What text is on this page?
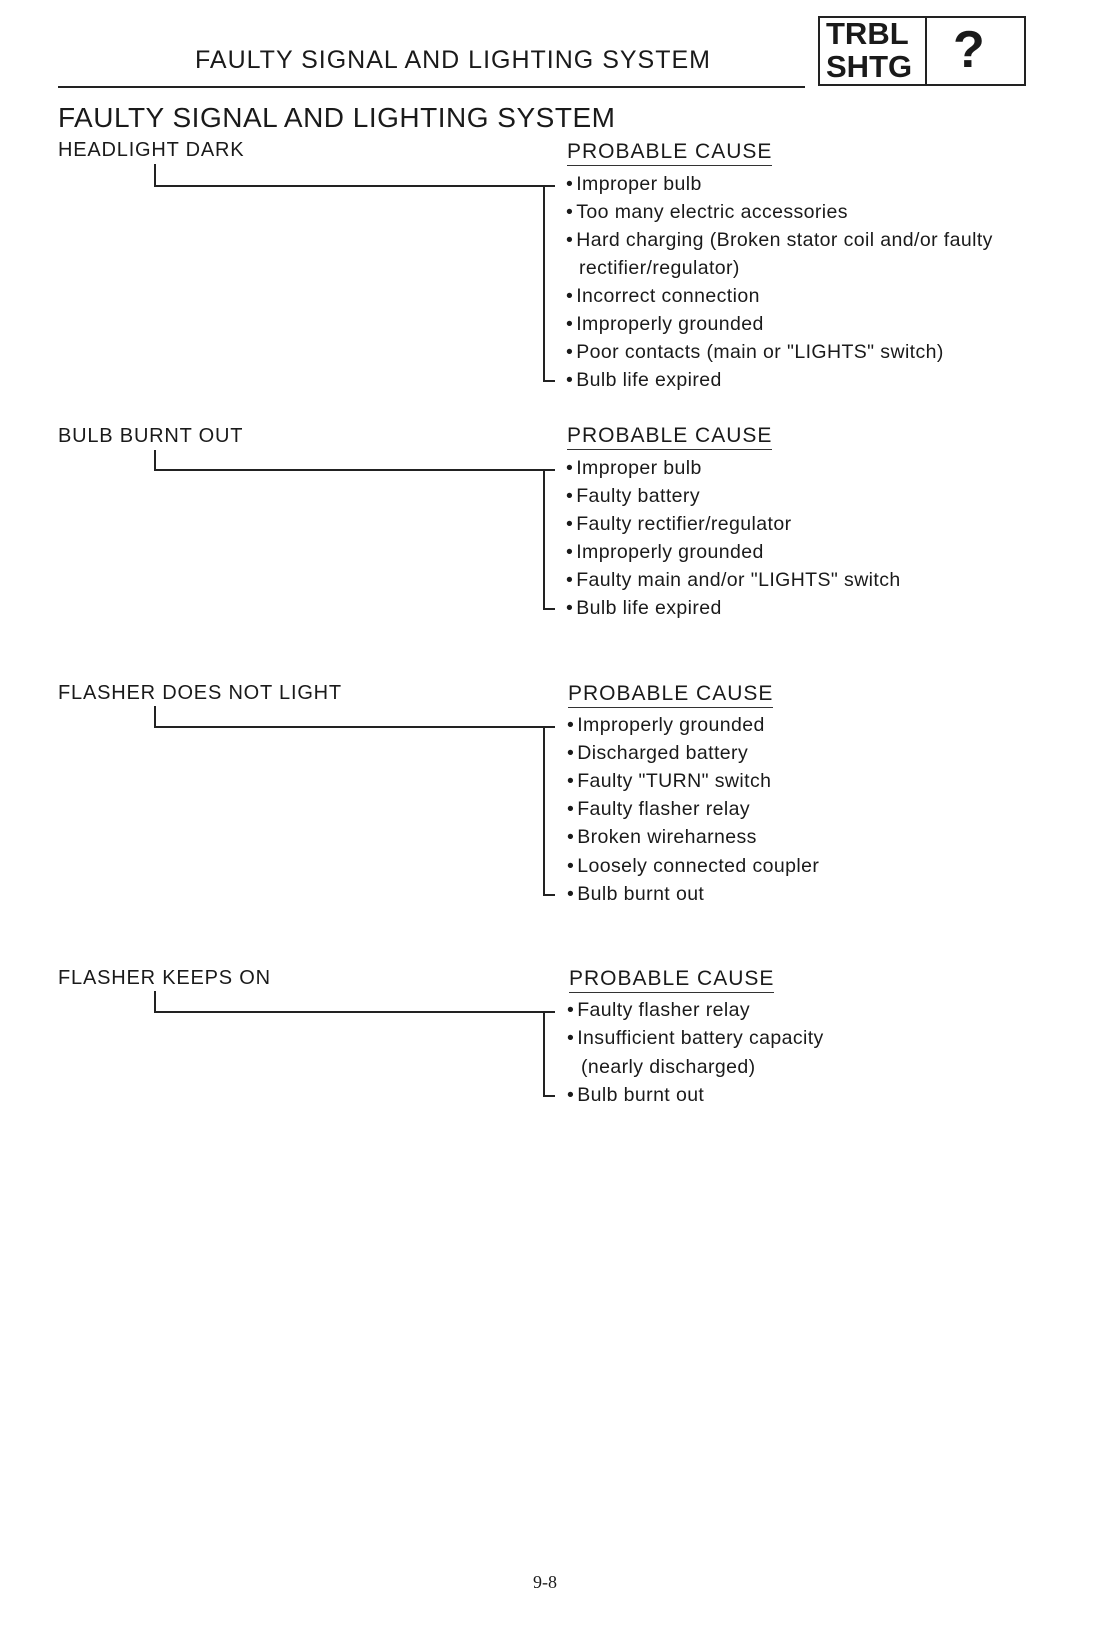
FAULTY SIGNAL AND LIGHTING SYSTEM
TRBL
SHTG ?
FAULTY SIGNAL AND LIGHTING SYSTEM
HEADLIGHT DARK	PROBABLE CAUSE
• Improper bulb
• Too many electric accessories
• Hard charging (Broken stator coil and/or faulty
rectifier/regulator)
• Incorrect connection
• Improperly grounded
• Poor contacts (main or "LIGHTS" switch)
• Bulb life expired
BULB BURNT OUT	PROBABLE CAUSE
• Improper bulb
• Faulty battery
• Faulty rectifier/regulator
• Improperly grounded
• Faulty main and/or "LIGHTS" switch
• Bulb life expired
FLASHER DOES NOT LIGHT	PROBABLE CAUSE
• Improperly grounded
• Discharged battery
• Faulty "TURN" switch
• Faulty flasher relay
• Broken wireharness
• Loosely connected coupler
• Bulb burnt out
FLASHER KEEPS ON	PROBABLE CAUSE
• Faulty flasher relay
• Insufficient battery capacity
(nearly discharged)
• Bulb burnt out
9-8
